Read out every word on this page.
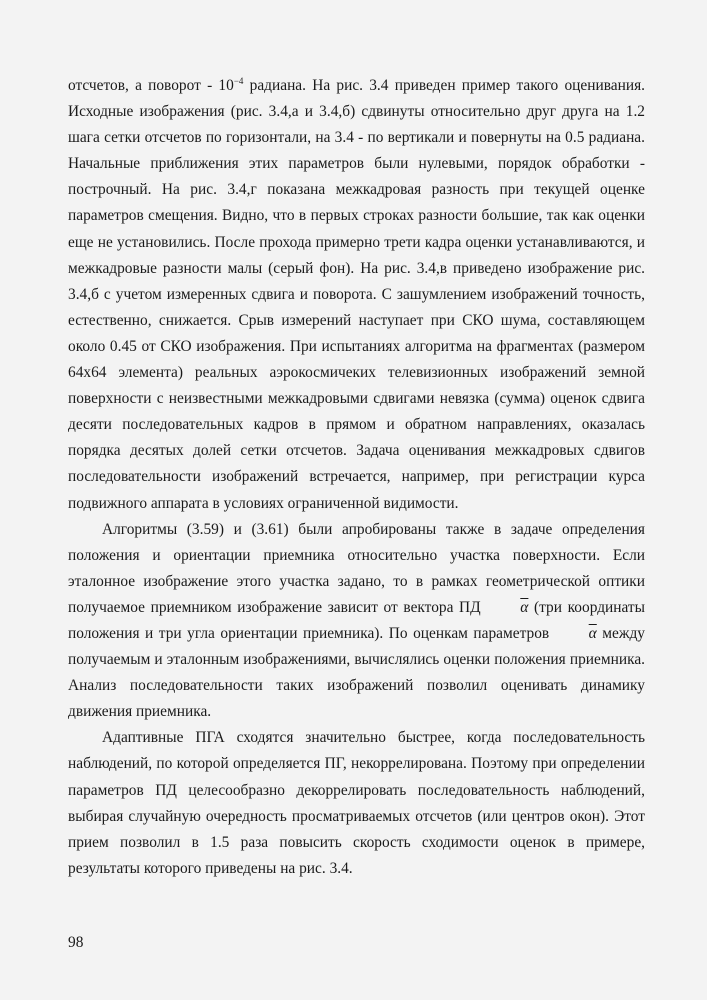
отсчетов, а поворот - $10^{-4}$ радиана. На рис. 3.4 приведен пример такого оценивания. Исходные изображения (рис. 3.4,а и 3.4,б) сдвинуты относительно друг друга на 1.2 шага сетки отсчетов по горизонтали, на 3.4 - по вертикали и повернуты на 0.5 радиана. Начальные приближения этих параметров были нулевыми, порядок обработки - построчный. На рис. 3.4,г показана межкадровая разность при текущей оценке параметров смещения. Видно, что в первых строках разности большие, так как оценки еще не установились. После прохода примерно трети кадра оценки устанавливаются, и межкадровые разности малы (серый фон). На рис. 3.4,в приведено изображение рис. 3.4,б с учетом измеренных сдвига и поворота. С зашумлением изображений точность, естественно, снижается. Срыв измерений наступает при СКО шума, составляющем около 0.45 от СКО изображения. При испытаниях алгоритма на фрагментах (размером 64х64 элемента) реальных аэрокосмичеких телевизионных изображений земной поверхности с неизвестными межкадровыми сдвигами невязка (сумма) оценок сдвига десяти последовательных кадров в прямом и обратном направлениях, оказалась порядка десятых долей сетки отсчетов. Задача оценивания межкадровых сдвигов последовательности изображений встречается, например, при регистрации курса подвижного аппарата в условиях ограниченной видимости.

Алгоритмы (3.59) и (3.61) были апробированы также в задаче определения положения и ориентации приемника относительно участка поверхности. Если эталонное изображение этого участка задано, то в рамках геометрической оптики получаемое приемником изображение зависит от вектора ПД $\overline{\alpha}$ (три координаты положения и три угла ориентации приемника). По оценкам параметров $\overline{\alpha}$ между получаемым и эталонным изображениями, вычислялись оценки положения приемника. Анализ последовательности таких изображений позволил оценивать динамику движения приемника.

Адаптивные ПГА сходятся значительно быстрее, когда последовательность наблюдений, по которой определяется ПГ, некоррелирована. Поэтому при определении параметров ПД целесообразно декоррелировать последовательность наблюдений, выбирая случайную очередность просматриваемых отсчетов (или центров окон). Этот прием позволил в 1.5 раза повысить скорость сходимости оценок в примере, результаты которого приведены на рис. 3.4.

98
